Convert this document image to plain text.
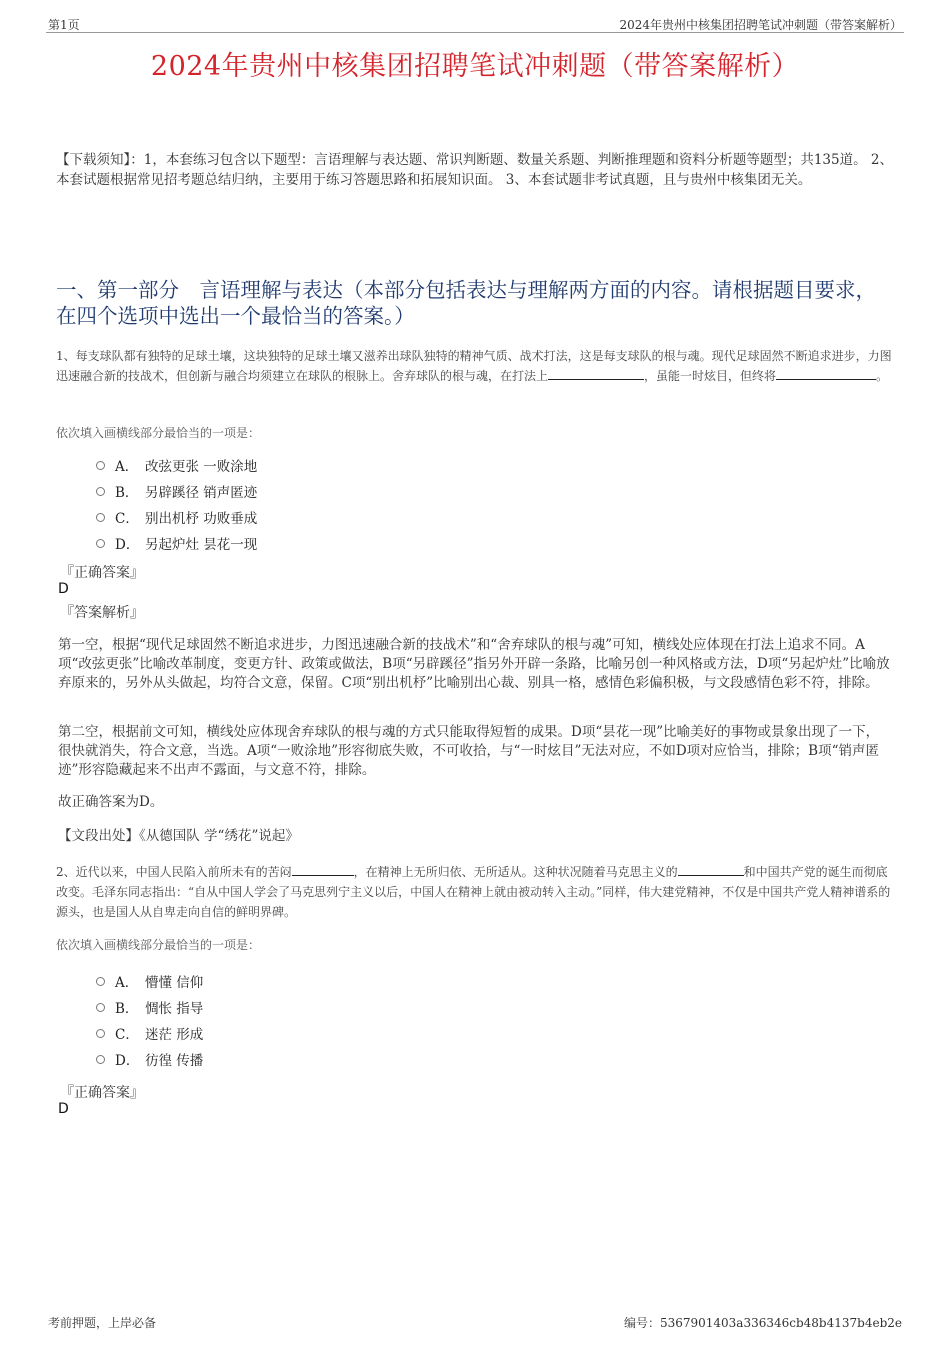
第1页	2024年贵州中核集团招聘笔试冲刺题（带答案解析）
2024年贵州中核集团招聘笔试冲刺题（带答案解析）
【下载须知】：1，本套练习包含以下题型：言语理解与表达题、常识判断题、数量关系题、判断推理题和资料分析题等题型；共135道。 2、本套试题根据常见招考题总结归纳，主要用于练习答题思路和拓展知识面。 3、本套试题非考试真题，且与贵州中核集团无关。
一、第一部分　言语理解与表达（本部分包括表达与理解两方面的内容。请根据题目要求，在四个选项中选出一个最恰当的答案。）
1、每支球队都有独特的足球土壤，这块独特的足球土壤又滋养出球队独特的精神气质、战术打法，这是每支球队的根与魂。现代足球固然不断追求进步，力图迅速融合新的技战术，但创新与融合均须建立在球队的根脉上。舍弃球队的根与魂，在打法上	，虽能一时炫目，但终将	。
依次填入画横线部分最恰当的一项是：
A． 改弦更张 一败涂地
B． 另辟蹊径 销声匿迹
C． 别出机杼 功败垂成
D． 另起炉灶 昙花一现
『正确答案』
D
『答案解析』
第一空，根据“现代足球固然不断追求进步，力图迅速融合新的技战术”和“舍弃球队的根与魂”可知，横线处应体现在打法上追求不同。A项“改弦更张”比喻改革制度，变更方针、政策或做法，B项“另辟蹊径”指另外开辟一条路，比喻另创一种风格或方法，D项“另起炉灶”比喻放弃原来的，另外从头做起，均符合文意，保留。C项“别出机杼”比喻别出心裁、别具一格，感情色彩偏积极，与文段感情色彩不符，排除。
第二空，根据前文可知，横线处应体现舍弃球队的根与魂的方式只能取得短暂的成果。D项“昙花一现”比喻美好的事物或景象出现了一下，很快就消失，符合文意，当选。A项“一败涂地”形容彻底失败，不可收拾，与“一时炫目”无法对应，不如D项对应恰当，排除；B项“销声匿迹”形容隐藏起来不出声不露面，与文意不符，排除。
故正确答案为D。
【文段出处】《从德国队 学“绣花”说起》
2、近代以来，中国人民陷入前所未有的苦闷	，在精神上无所归依、无所适从。这种状况随着马克思主义的	和中国共产党的诞生而彻底改变。毛泽东同志指出：“自从中国人学会了马克思列宁主义以后，中国人在精神上就由被动转入主动。”同样，伟大建党精神，不仅是中国共产党人精神谱系的源头，也是国人从自卑走向自信的鲜明界碑。
依次填入画横线部分最恰当的一项是：
A． 懵懂 信仰
B． 惆怅 指导
C． 迷茫 形成
D． 彷徨 传播
『正确答案』
D
考前押题，上岸必备	编号：5367901403a336346cb48b4137b4eb2e
